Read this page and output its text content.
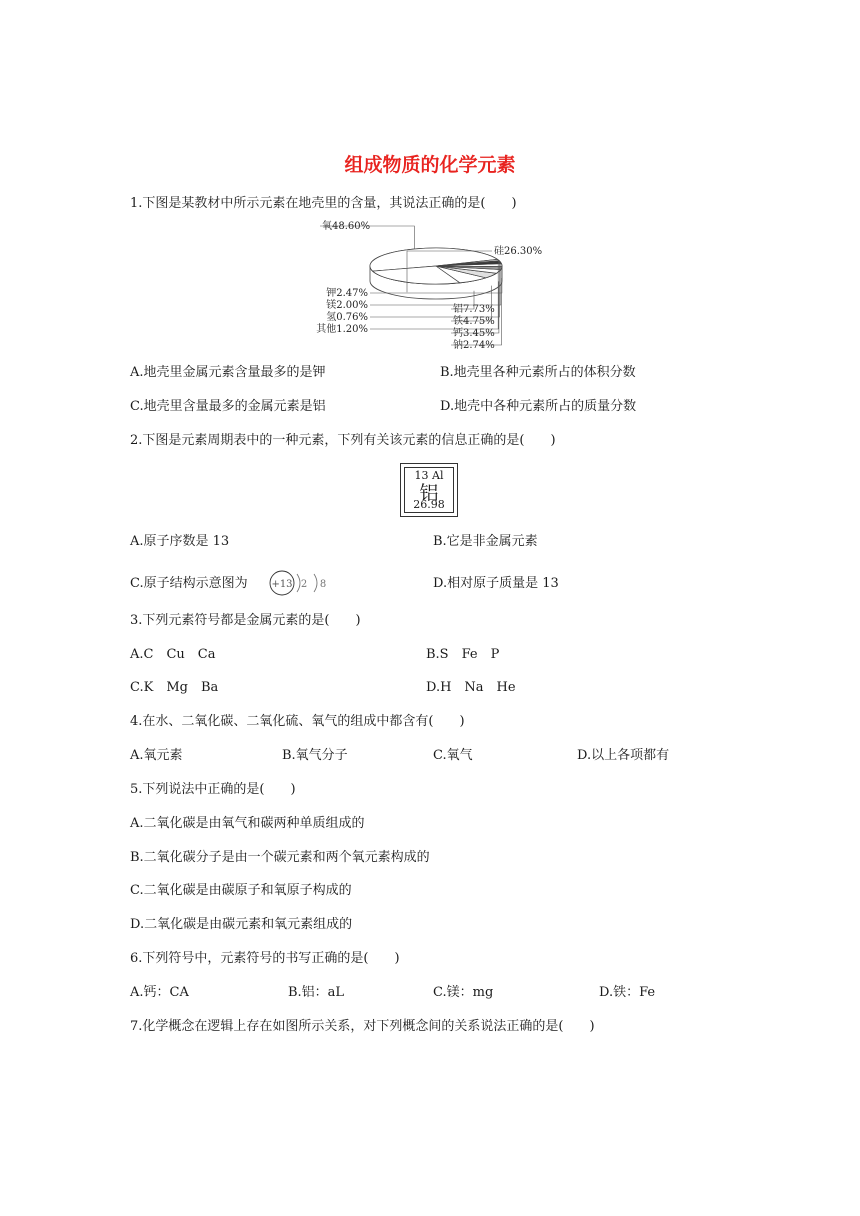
组成物质的化学元素
1.下图是某教材中所示元素在地壳里的含量，其说法正确的是(　　)
氧48.60%
硅26.30%
铝7.73%
铁4.75%
钙3.45%
钠2.74%
钾2.47%
镁2.00%
氢0.76%
其他1.20%
A.地壳里金属元素含量最多的是钾	B.地壳里各种元素所占的体积分数
C.地壳里含量最多的金属元素是铝	D.地壳中各种元素所占的质量分数
2.下图是元素周期表中的一种元素，下列有关该元素的信息正确的是(　　)
13 Al
铝
26.98
A.原子序数是 13	B.它是非金属元素
C.原子结构示意图为 +13 2 8	D.相对原子质量是 13
3.下列元素符号都是金属元素的是(　　)
A.C　Cu　Ca	B.S　Fe　P
C.K　Mg　Ba	D.H　Na　He
4.在水、二氧化碳、二氧化硫、氧气的组成中都含有(　　)
A.氧元素	B.氧气分子	C.氧气	D.以上各项都有
5.下列说法中正确的是(　　)
A.二氧化碳是由氧气和碳两种单质组成的
B.二氧化碳分子是由一个碳元素和两个氧元素构成的
C.二氧化碳是由碳原子和氧原子构成的
D.二氧化碳是由碳元素和氧元素组成的
6.下列符号中，元素符号的书写正确的是(　　)
A.钙：CA	B.铝：aL	C.镁：mg	D.铁：Fe
7.化学概念在逻辑上存在如图所示关系，对下列概念间的关系说法正确的是(　　)
